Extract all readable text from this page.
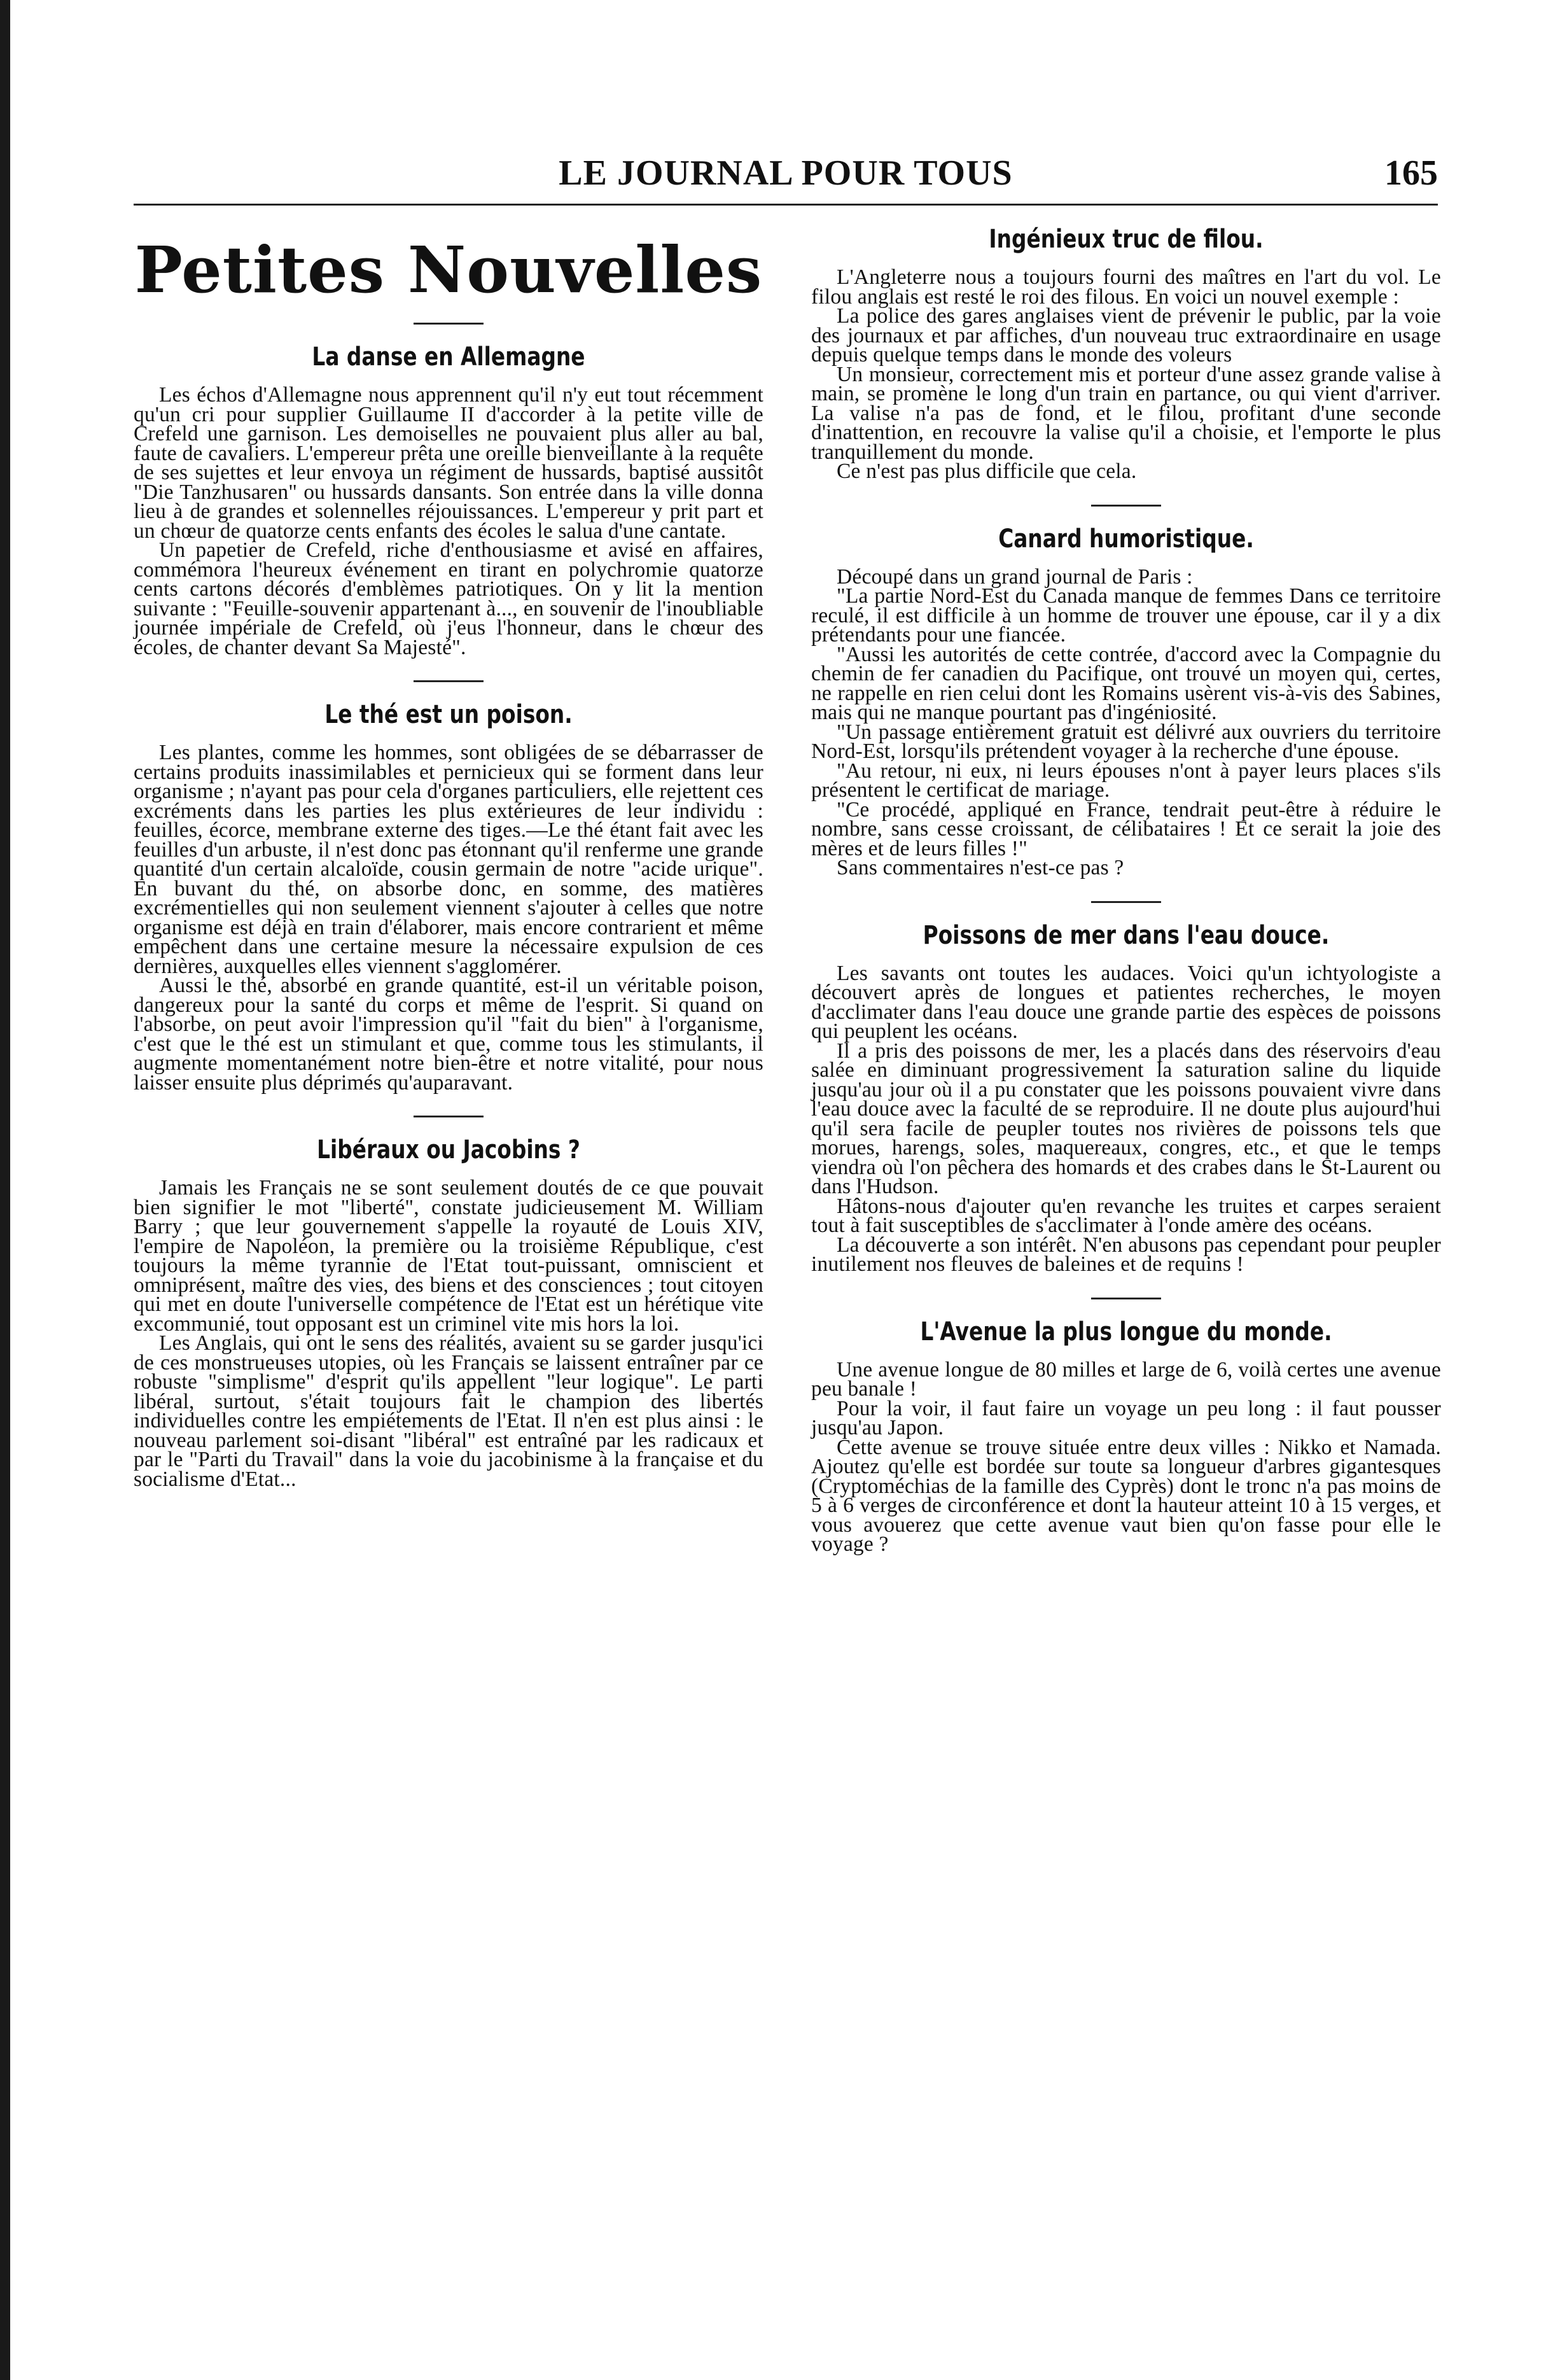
LE JOURNAL POUR TOUS	165
Petites Nouvelles
La danse en Allemagne

Les échos d'Allemagne nous apprennent qu'il n'y eut tout récemment qu'un cri pour supplier Guillaume II d'accorder à la petite ville de Crefeld une garnison. Les demoiselles ne pouvaient plus aller au bal, faute de cavaliers. L'empereur prêta une oreille bienveillante à la requête de ses sujettes et leur envoya un régiment de hussards, baptisé aussitôt "Die Tanzhusaren" ou hussards dansants. Son entrée dans la ville donna lieu à de grandes et solennelles réjouissances. L'empereur y prit part et un chœur de quatorze cents enfants des écoles le salua d'une cantate.

Un papetier de Crefeld, riche d'enthousiasme et avisé en affaires, commémora l'heureux événement en tirant en polychromie quatorze cents cartons décorés d'emblèmes patriotiques. On y lit la mention suivante : "Feuille-souvenir appartenant à..., en souvenir de l'inoubliable journée impériale de Crefeld, où j'eus l'honneur, dans le chœur des écoles, de chanter devant Sa Majesté".

Le thé est un poison.

Les plantes, comme les hommes, sont obligées de se débarrasser de certains produits inassimilables et pernicieux qui se forment dans leur organisme ; n'ayant pas pour cela d'organes particuliers, elle rejettent ces excréments dans les parties les plus extérieures de leur individu : feuilles, écorce, membrane externe des tiges.—Le thé étant fait avec les feuilles d'un arbuste, il n'est donc pas étonnant qu'il renferme une grande quantité d'un certain alcaloïde, cousin germain de notre "acide urique". En buvant du thé, on absorbe donc, en somme, des matières excrémentielles qui non seulement viennent s'ajouter à celles que notre organisme est déjà en train d'élaborer, mais encore contrarient et même empêchent dans une certaine mesure la nécessaire expulsion de ces dernières, auxquelles elles viennent s'agglomérer.

Aussi le thé, absorbé en grande quantité, est-il un véritable poison, dangereux pour la santé du corps et même de l'esprit. Si quand on l'absorbe, on peut avoir l'impression qu'il "fait du bien" à l'organisme, c'est que le thé est un stimulant et que, comme tous les stimulants, il augmente momentanément notre bien-être et notre vitalité, pour nous laisser ensuite plus déprimés qu'auparavant.

Libéraux ou Jacobins ?

Jamais les Français ne se sont seulement doutés de ce que pouvait bien signifier le mot "liberté", constate judicieusement M. William Barry ; que leur gouvernement s'appelle la royauté de Louis XIV, l'empire de Napoléon, la première ou la troisième République, c'est toujours la même tyrannie de l'Etat tout-puissant, omniscient et omniprésent, maître des vies, des biens et des consciences ; tout citoyen qui met en doute l'universelle compétence de l'Etat est un hérétique vite excommunié, tout opposant est un criminel vite mis hors la loi.

Les Anglais, qui ont le sens des réalités, avaient su se garder jusqu'ici de ces monstrueuses utopies, où les Français se laissent entraîner par ce robuste "simplisme" d'esprit qu'ils appellent "leur logique". Le parti libéral, surtout, s'était toujours fait le champion des libertés individuelles contre les empiétements de l'Etat. Il n'en est plus ainsi : le nouveau parlement soi-disant "libéral" est entraîné par les radicaux et par le "Parti du Travail" dans la voie du jacobinisme à la française et du socialisme d'Etat...

Ingénieux truc de filou.

L'Angleterre nous a toujours fourni des maîtres en l'art du vol. Le filou anglais est resté le roi des filous. En voici un nouvel exemple :

La police des gares anglaises vient de prévenir le public, par la voie des journaux et par affiches, d'un nouveau truc extraordinaire en usage depuis quelque temps dans le monde des voleurs

Un monsieur, correctement mis et porteur d'une assez grande valise à main, se promène le long d'un train en partance, ou qui vient d'arriver. La valise n'a pas de fond, et le filou, profitant d'une seconde d'inattention, en recouvre la valise qu'il a choisie, et l'emporte le plus tranquillement du monde.

Ce n'est pas plus difficile que cela.

Canard humoristique.

Découpé dans un grand journal de Paris :

"La partie Nord-Est du Canada manque de femmes Dans ce territoire reculé, il est difficile à un homme de trouver une épouse, car il y a dix prétendants pour une fiancée.

"Aussi les autorités de cette contrée, d'accord avec la Compagnie du chemin de fer canadien du Pacifique, ont trouvé un moyen qui, certes, ne rappelle en rien celui dont les Romains usèrent vis-à-vis des Sabines, mais qui ne manque pourtant pas d'ingéniosité.

"Un passage entièrement gratuit est délivré aux ouvriers du territoire Nord-Est, lorsqu'ils prétendent voyager à la recherche d'une épouse.

"Au retour, ni eux, ni leurs épouses n'ont à payer leurs places s'ils présentent le certificat de mariage.

"Ce procédé, appliqué en France, tendrait peut-être à réduire le nombre, sans cesse croissant, de célibataires ! Et ce serait la joie des mères et de leurs filles !"

Sans commentaires n'est-ce pas ?

Poissons de mer dans l'eau douce.

Les savants ont toutes les audaces. Voici qu'un ichtyologiste a découvert après de longues et patientes recherches, le moyen d'acclimater dans l'eau douce une grande partie des espèces de poissons qui peuplent les océans.

Il a pris des poissons de mer, les a placés dans des réservoirs d'eau salée en diminuant progressivement la saturation saline du liquide jusqu'au jour où il a pu constater que les poissons pouvaient vivre dans l'eau douce avec la faculté de se reproduire. Il ne doute plus aujourd'hui qu'il sera facile de peupler toutes nos rivières de poissons tels que morues, harengs, soles, maquereaux, congres, etc., et que le temps viendra où l'on pêchera des homards et des crabes dans le St-Laurent ou dans l'Hudson.

Hâtons-nous d'ajouter qu'en revanche les truites et carpes seraient tout à fait susceptibles de s'acclimater à l'onde amère des océans.

La découverte a son intérêt. N'en abusons pas cependant pour peupler inutilement nos fleuves de baleines et de requins !

L'Avenue la plus longue du monde.

Une avenue longue de 80 milles et large de 6, voilà certes une avenue peu banale !

Pour la voir, il faut faire un voyage un peu long : il faut pousser jusqu'au Japon.

Cette avenue se trouve située entre deux villes : Nikko et Namada. Ajoutez qu'elle est bordée sur toute sa longueur d'arbres gigantesques (Cryptoméchias de la famille des Cyprès) dont le tronc n'a pas moins de 5 à 6 verges de circonférence et dont la hauteur atteint 10 à 15 verges, et vous avouerez que cette avenue vaut bien qu'on fasse pour elle le voyage ?
